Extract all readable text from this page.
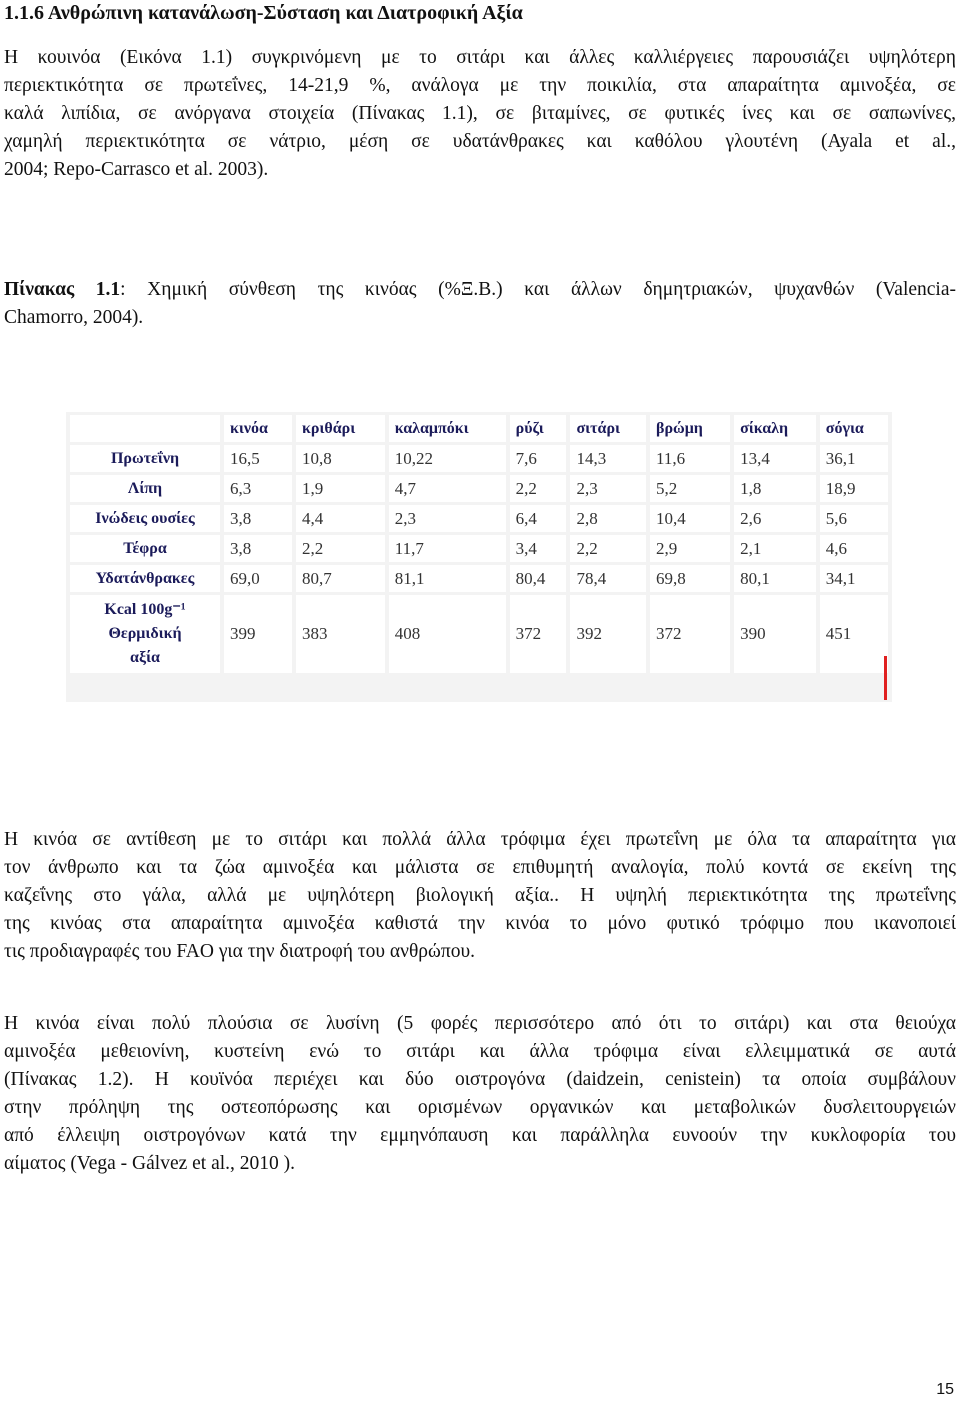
1.1.6 Ανθρώπινη κατανάλωση-Σύσταση και Διατροφική Αξία

Η κουινόα (Εικόνα 1.1) συγκρινόμενη με το σιτάρι και άλλες καλλιέργειες παρουσιάζει υψηλότερη
περιεκτικότητα σε πρωτεΐνες, 14-21,9 %, ανάλογα με την ποικιλία, στα απαραίτητα αμινοξέα, σε
καλά λιπίδια, σε ανόργανα στοιχεία (Πίνακας 1.1), σε βιταμίνες, σε φυτικές ίνες και σε σαπωνίνες,
χαμηλή περιεκτικότητα σε νάτριο, μέση σε υδατάνθρακες και καθόλου γλουτένη (Ayala et al.,
2004; Repo-Carrasco et al. 2003).

Πίνακας 1.1: Χημική σύνθεση της κινόας (%Ξ.Β.) και άλλων δημητριακών, ψυχανθών (Valencia-
Chamorro, 2004).

	κινόα	κριθάρι	καλαμπόκι	ρύζι	σιτάρι	βρώμη	σίκαλη	σόγια
Πρωτεΐνη	16,5	10,8	10,22	7,6	14,3	11,6	13,4	36,1
Λίπη	6,3	1,9	4,7	2,2	2,3	5,2	1,8	18,9
Ινώδεις ουσίες	3,8	4,4	2,3	6,4	2,8	10,4	2,6	5,6
Τέφρα	3,8	2,2	11,7	3,4	2,2	2,9	2,1	4,6
Υδατάνθρακες	69,0	80,7	81,1	80,4	78,4	69,8	80,1	34,1
Kcal 100g⁻¹
Θερμιδική
αξία	399	383	408	372	392	372	390	451

Η κινόα σε αντίθεση με το σιτάρι και πολλά άλλα τρόφιμα έχει πρωτεΐνη με όλα τα απαραίτητα για
τον άνθρωπο και τα ζώα αμινοξέα και μάλιστα σε επιθυμητή αναλογία, πολύ κοντά σε εκείνη της
καζεΐνης στο γάλα, αλλά με υψηλότερη βιολογική αξία.. Η υψηλή περιεκτικότητα της πρωτεΐνης
της κινόας στα απαραίτητα αμινοξέα καθιστά την κινόα το μόνο φυτικό τρόφιμο που ικανοποιεί
τις προδιαγραφές του FAO για την διατροφή του ανθρώπου.

Η κινόα είναι πολύ πλούσια σε λυσίνη (5 φορές περισσότερο από ότι το σιτάρι) και στα θειούχα
αμινοξέα μεθειονίνη, κυστείνη ενώ το σιτάρι και άλλα τρόφιμα είναι ελλειμματικά σε αυτά
(Πίνακας 1.2). Η κουϊνόα περιέχει και δύο οιστρογόνα (daidzein, cenistein) τα οποία συμβάλουν
στην πρόληψη της οστεοπόρωσης και ορισμένων οργανικών και μεταβολικών δυσλειτουργειών
από έλλειψη οιστρογόνων κατά την εμμηνόπαυση και παράλληλα ευνοούν την κυκλοφορία του
αίματος (Vega - Gálvez et al., 2010 ).

15
